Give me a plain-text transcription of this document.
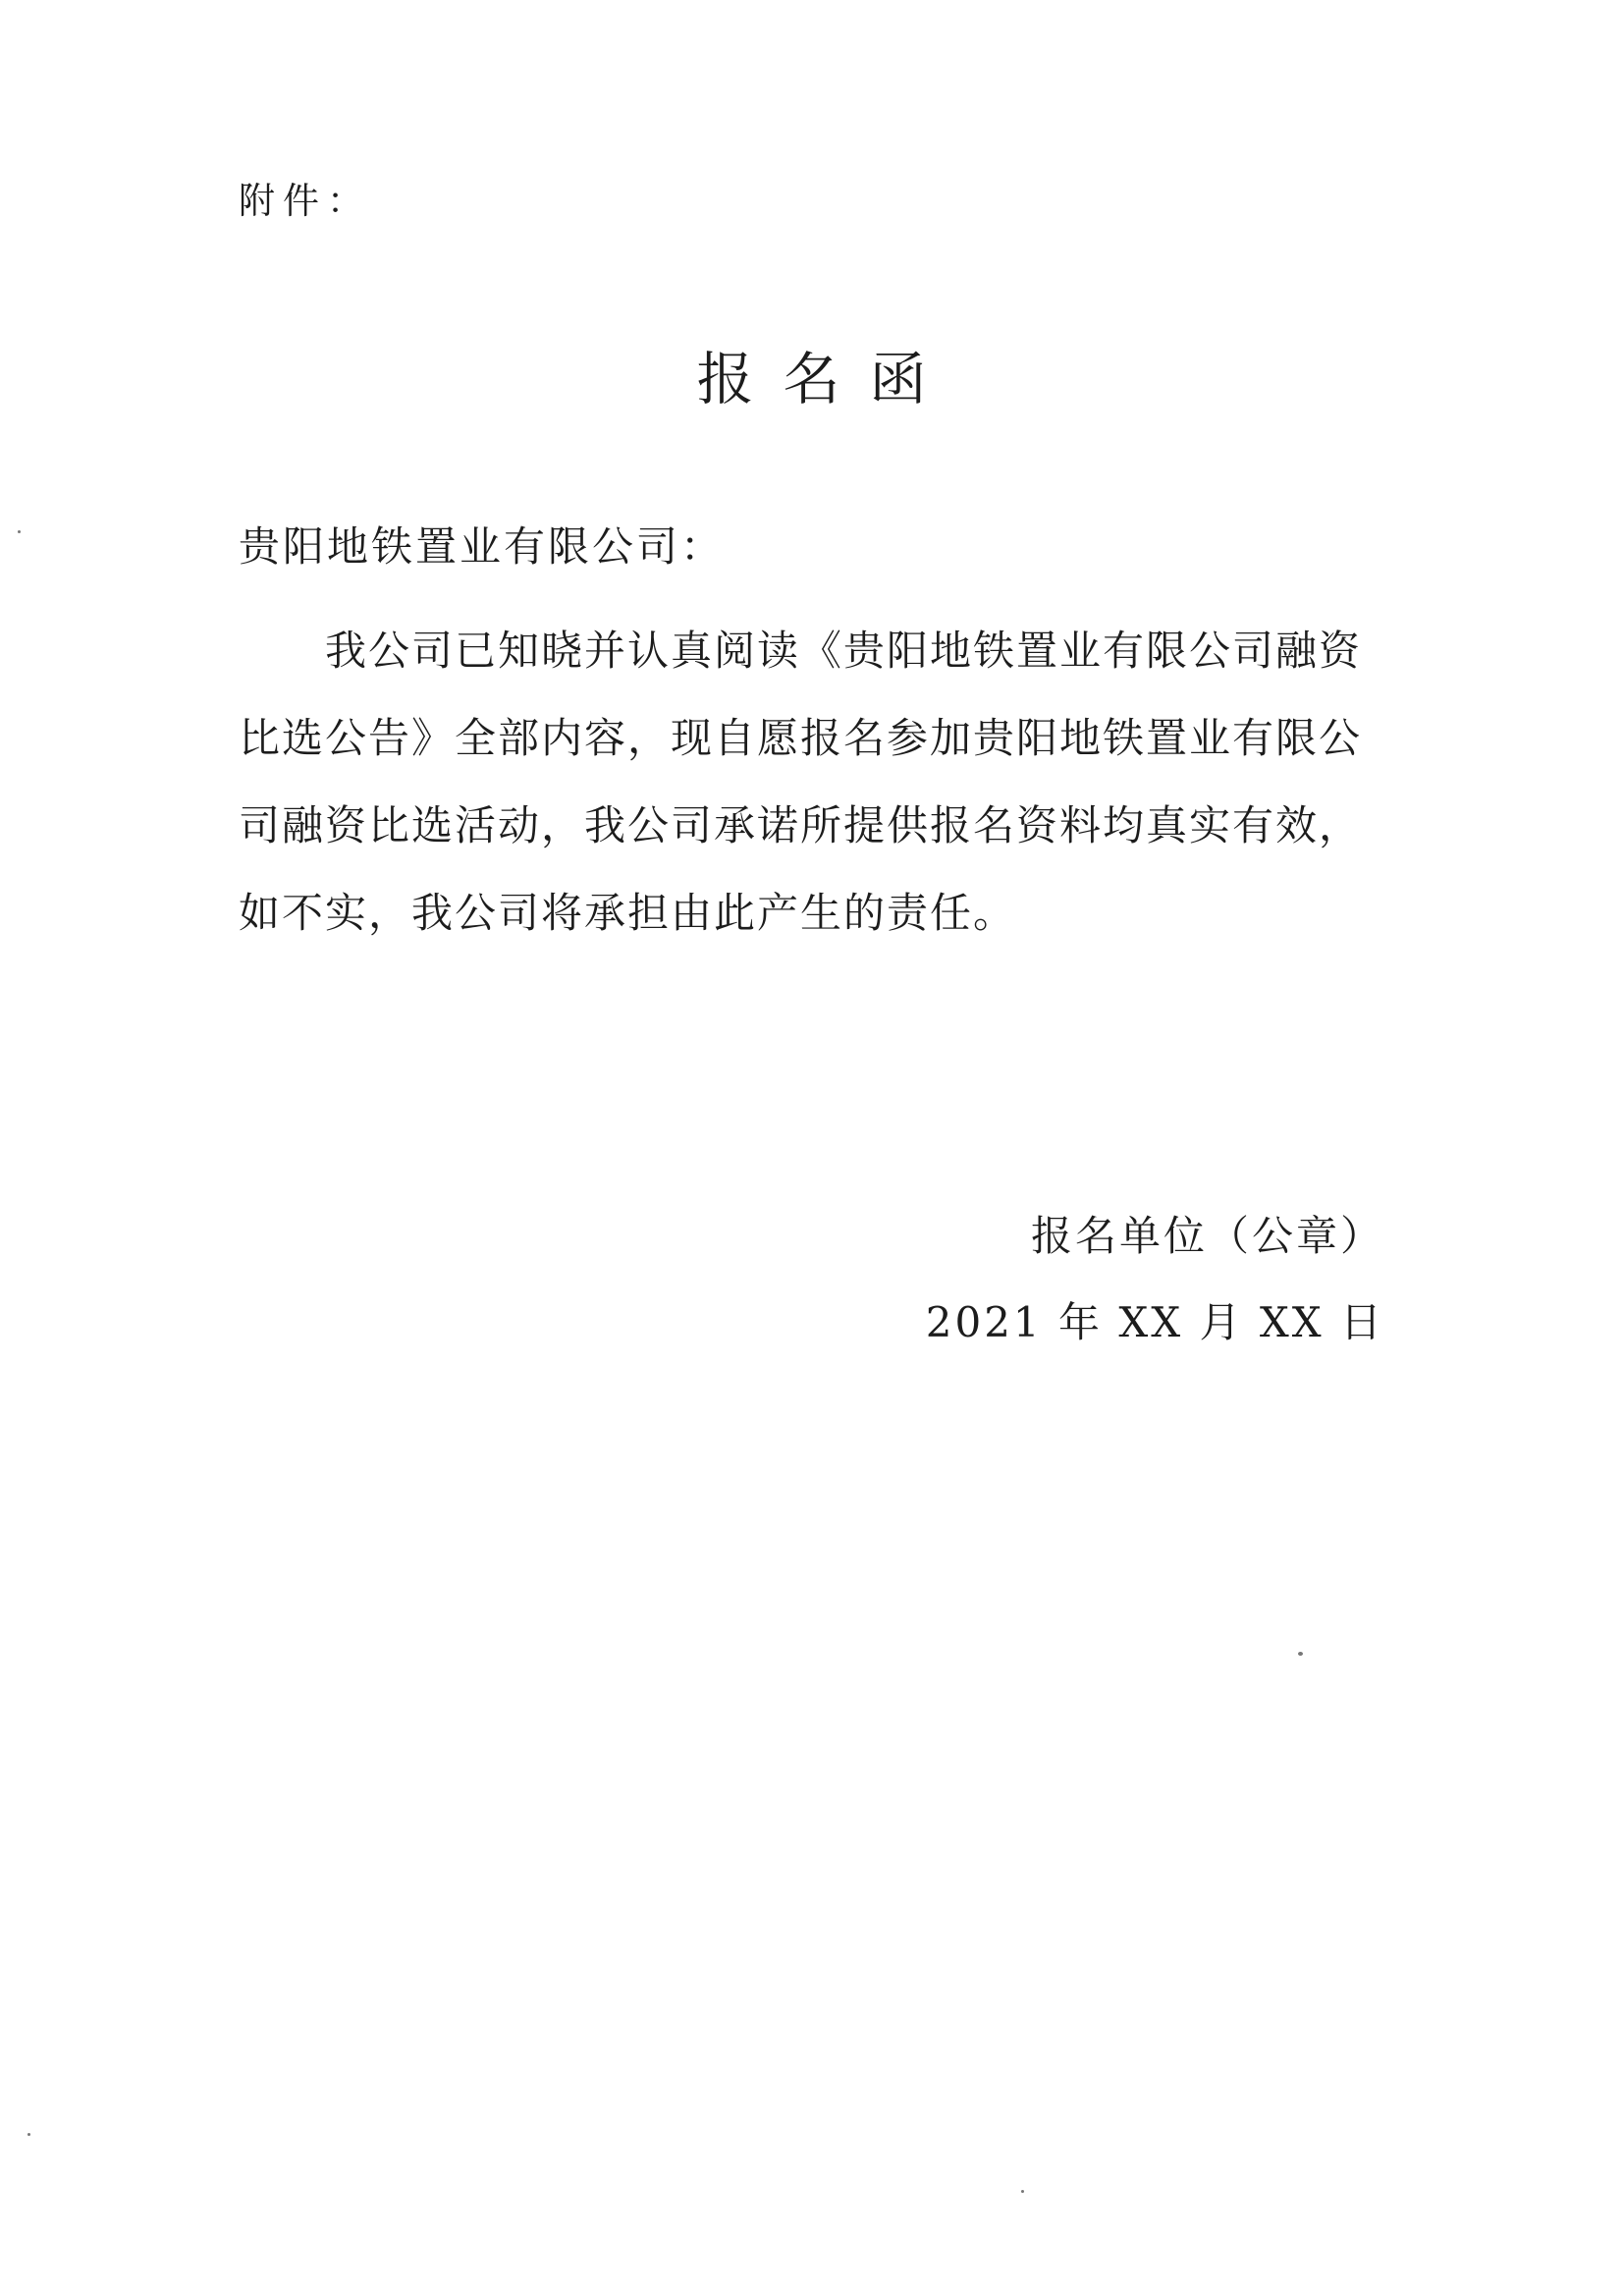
附件：
报名函
贵阳地铁置业有限公司：
我公司已知晓并认真阅读《贵阳地铁置业有限公司融资
比选公告》全部内容，现自愿报名参加贵阳地铁置业有限公
司融资比选活动，我公司承诺所提供报名资料均真实有效，
如不实，我公司将承担由此产生的责任。
报名单位（公章）
2021 年 XX 月 XX 日
